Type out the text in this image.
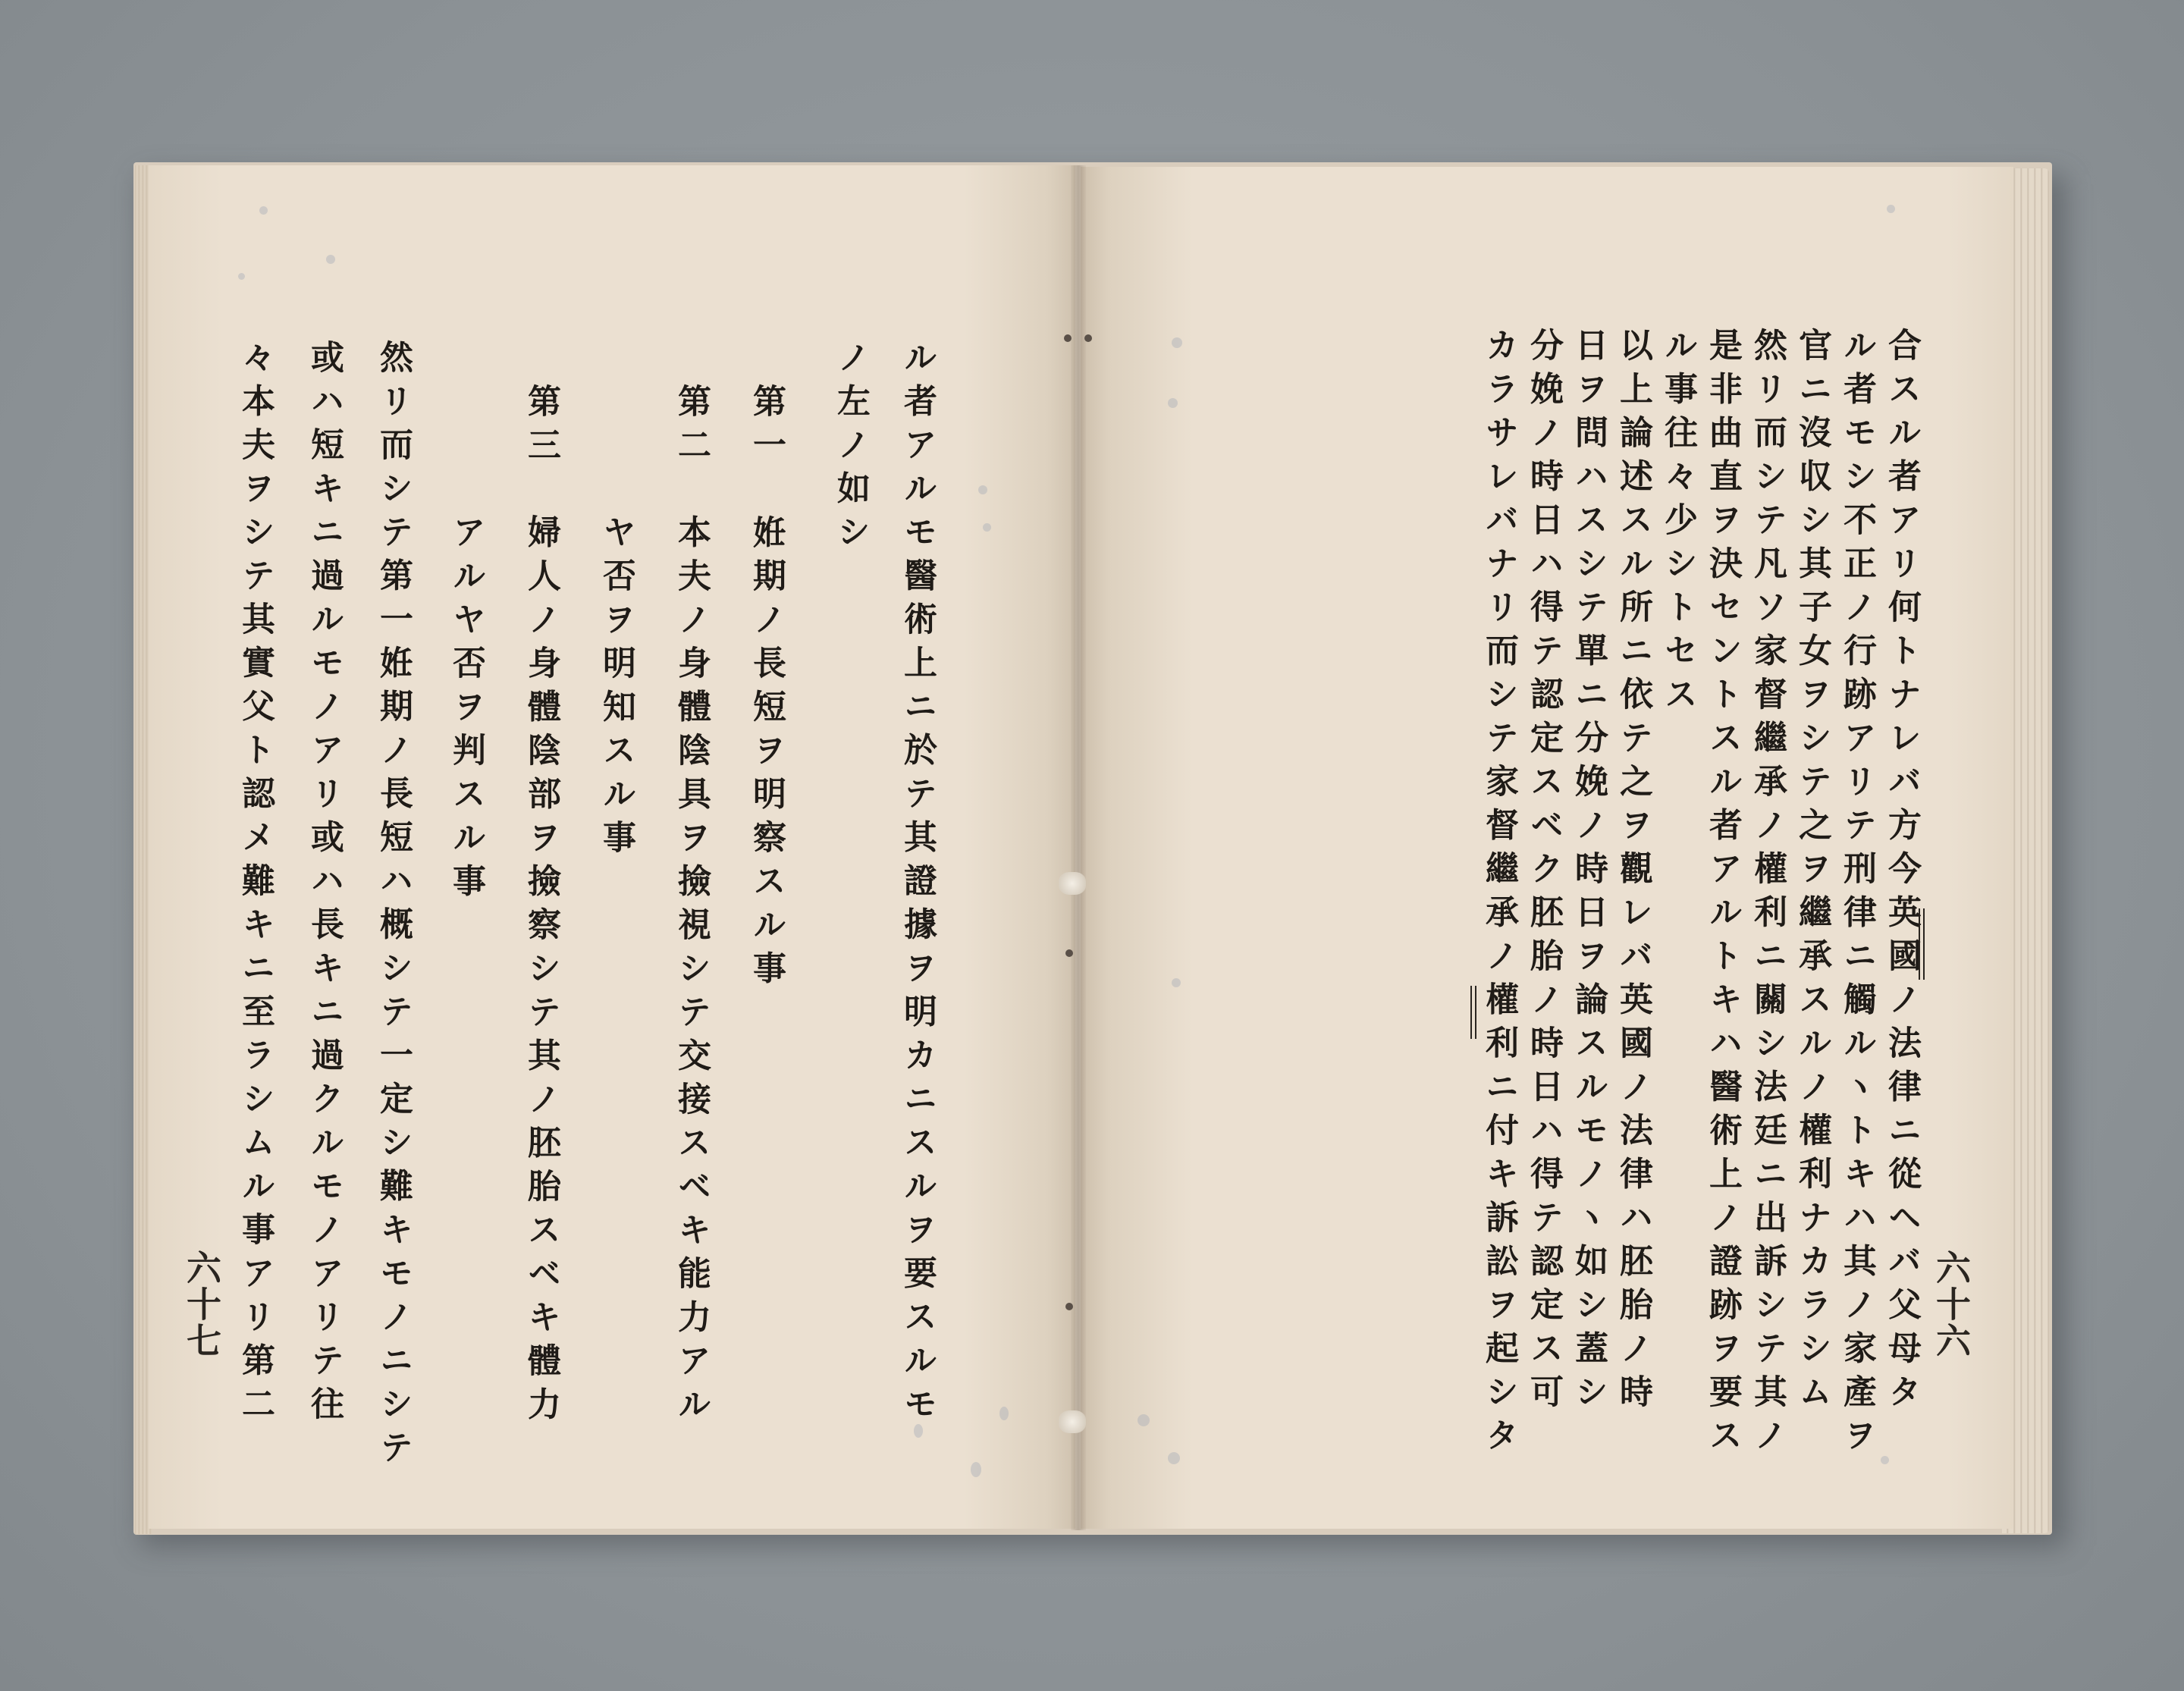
合スル者アリ何トナレバ方今英國ノ法律ニ從ヘバ父母タ
ル者モシ不正ノ行跡アリテ刑律ニ觸ルヽトキハ其ノ家產ヲ
官ニ沒収シ其子女ヲシテ之ヲ繼承スルノ權利ナカラシム
然リ而シテ凡ソ家督繼承ノ權利ニ關シ法廷ニ出訴シテ其ノ
是非曲直ヲ決セントスル者アルトキハ醫術上ノ證跡ヲ要ス
ル事往々少シトセス
以上論述スル所ニ依テ之ヲ觀レバ英國ノ法律ハ胚胎ノ時
日ヲ問ハスシテ單ニ分娩ノ時日ヲ論スルモノヽ如シ蓋シ
分娩ノ時日ハ得テ認定スベク胚胎ノ時日ハ得テ認定ス可
カラサレバナリ而シテ家督繼承ノ權利ニ付キ訴訟ヲ起シタ	六十六
ル者アルモ醫術上ニ於テ其證據ヲ明カニスルヲ要スルモ
ノ左ノ如シ
第一　姙期ノ長短ヲ明察スル事
第二　本夫ノ身體陰具ヲ撿視シテ交接スベキ能力アル
　　　ヤ否ヲ明知スル事
第三　婦人ノ身體陰部ヲ撿察シテ其ノ胚胎スベキ體力
　　　アルヤ否ヲ判スル事
然リ而シテ第一姙期ノ長短ハ概シテ一定シ難キモノニシテ
或ハ短キニ過ルモノアリ或ハ長キニ過クルモノアリテ往
々本夫ヲシテ其實父ト認メ難キニ至ラシムル事アリ第二
六十七
